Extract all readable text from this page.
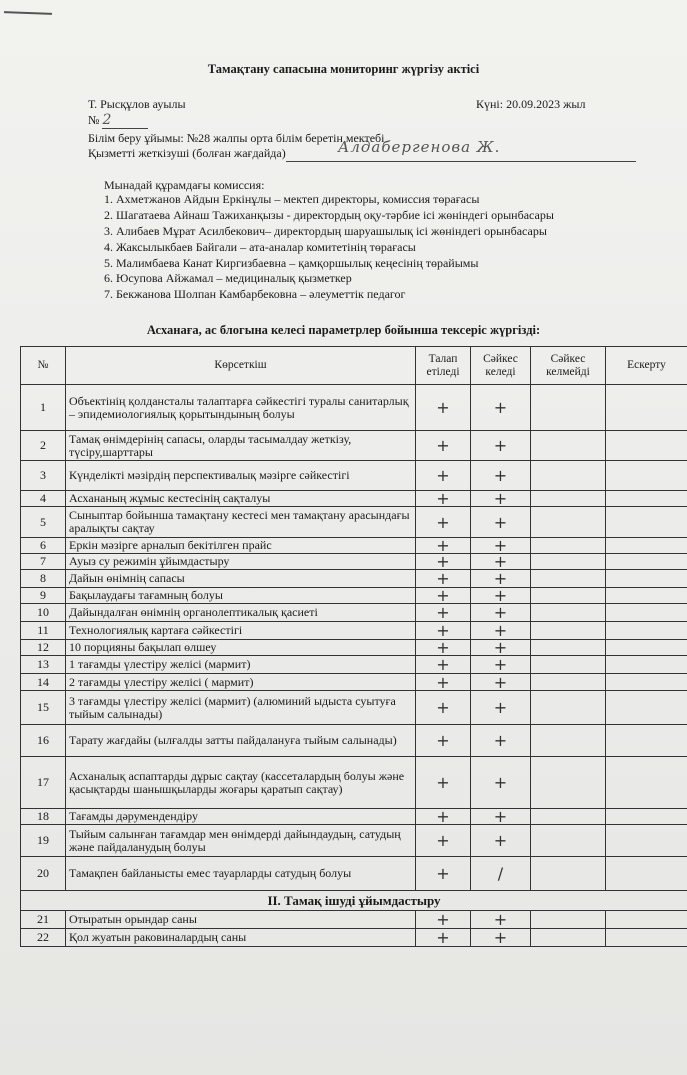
Тамақтану сапасына мониторинг жүргізу актісі
Т. Рысқұлов ауылы	Күні: 20.09.2023 жыл
№ 2
Білім беру ұйымы: №28 жалпы орта білім беретін мектебі
Қызметті жеткізуші (болған жағдайда)	Алдабергенова Ж.
Мынадай құрамдағы комиссия:
1. Ахметжанов Айдын Еркінұлы – мектеп директоры, комиссия төрағасы
2. Шагатаева Айнаш Тажиханқызы - директордың оқу-тәрбие ісі жөніндегі орынбасары
3. Алибаев Мұрат Асилбекович– директордың шаруашылық ісі жөніндегі орынбасары
4. Жаксылыкбаев Байгали – ата-аналар комитетінің төрағасы
5. Малимбаева Канат Киргизбаевна – қамқоршылық кеңесінің төрайымы
6. Юсупова Айжамал – медициналық қызметкер
7. Бекжанова Шолпан Камбарбековна – әлеуметтік педагог
Асханаға, ас блогына келесі параметрлер бойынша тексеріс жүргізді:
№	Көрсеткіш	Талап етіледі	Сәйкес келеді	Сәйкес келмейді	Ескерту
1	Объектінің қолдансталы талаптарға сәйкестігі туралы санитарлық – эпидемиологиялық қорытындының болуы	+	+		
2	Тамақ өнімдерінің сапасы, оларды тасымалдау жеткізу, түсіру,шарттары	+	+		
3	Күнделікті мәзірдің перспективалық мәзірге сәйкестігі	+	+		
4	Асхананың жұмыс кестесінің сақталуы	+	+		
5	Сыныптар бойынша тамақтану кестесі мен тамақтану арасындағы аралықты сақтау	+	+		
6	Еркін мәзірге арналып бекітілген прайс	+	+		
7	Ауыз су режимін ұйымдастыру	+	+		
8	Дайын өнімнің сапасы	+	+		
9	Бақылаудағы тағамның болуы	+	+		
10	Дайындалған өнімнің органолептикалық қасиеті	+	+		
11	Технологиялық картаға сәйкестігі	+	+		
12	10 порцияны бақылап өлшеу	+	+		
13	1 тағамды үлестіру желісі (мармит)	+	+		
14	2 тағамды үлестіру желісі ( мармит)	+	+		
15	3 тағамды үлестіру желісі (мармит) (алюминий ыдыста суытуға тыйым салынады)	+	+		
16	Тарату жағдайы (ылғалды затты пайдалануға тыйым салынады)	+	+		
17	Асханалық аспаптарды дұрыс сақтау (кассеталардың болуы және қасықтарды шанышқыларды жоғары қаратып сақтау)	+	+		
18	Тағамды дәрумендендіру	+	+		
19	Тыйым салынған тағамдар мен өнімдерді дайындаудың, сатудың және пайдаланудың болуы	+	+		
20	Тамақпен байланысты емес тауарларды сатудың болуы	+	/		
II. Тамақ ішуді ұйымдастыру					
21	Отыратын орындар саны	+	+		
22	Қол жуатын раковиналардың саны	+	+		
